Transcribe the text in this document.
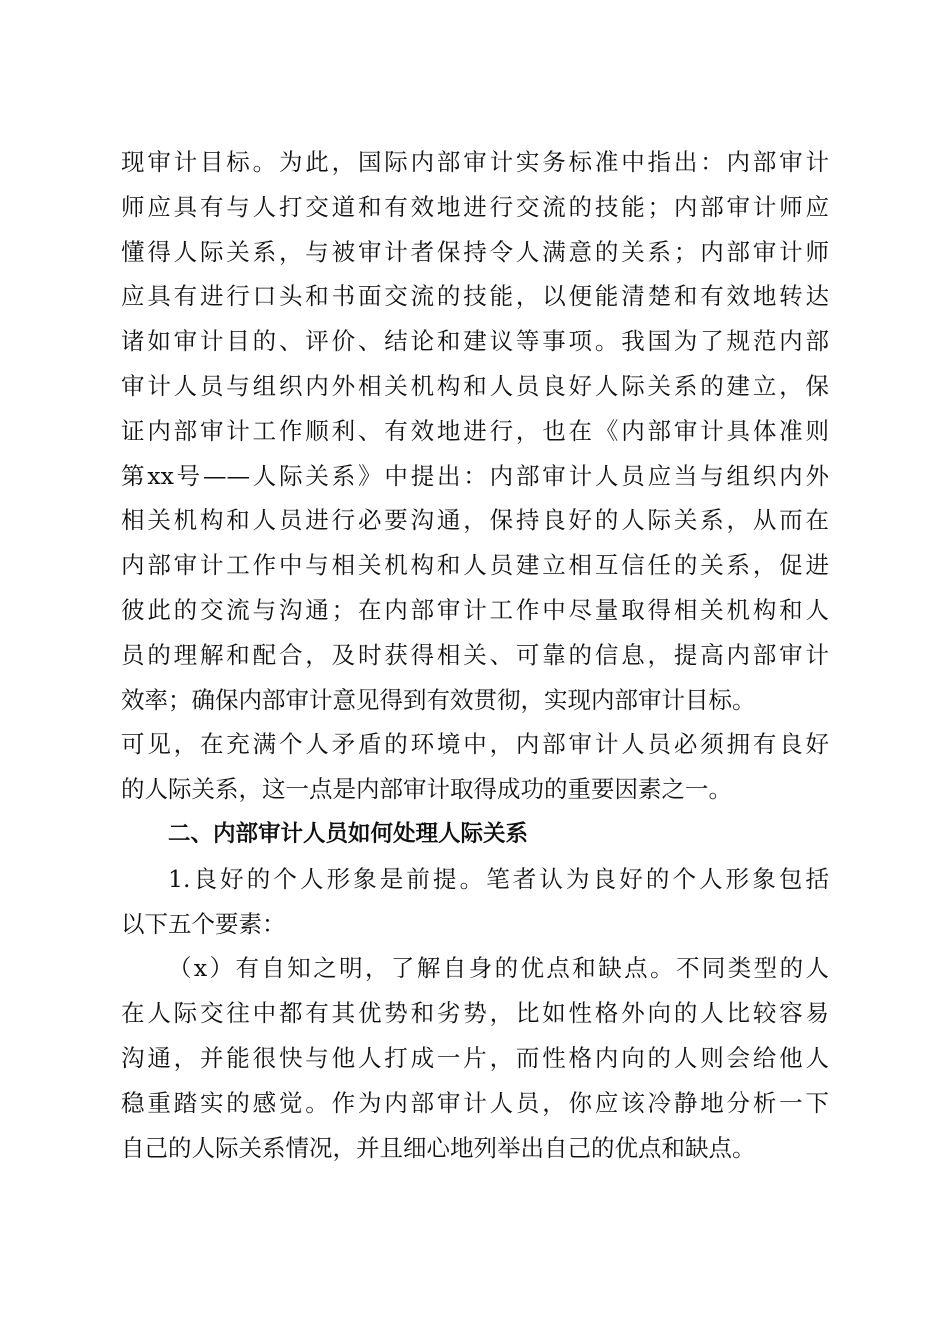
现审计目标。为此，国际内部审计实务标准中指出：内部审计
师应具有与人打交道和有效地进行交流的技能；内部审计师应
懂得人际关系，与被审计者保持令人满意的关系；内部审计师
应具有进行口头和书面交流的技能，以便能清楚和有效地转达
诸如审计目的、评价、结论和建议等事项。我国为了规范内部
审计人员与组织内外相关机构和人员良好人际关系的建立，保
证内部审计工作顺利、有效地进行，也在《内部审计具体准则
第xx号——人际关系》中提出：内部审计人员应当与组织内外
相关机构和人员进行必要沟通，保持良好的人际关系，从而在
内部审计工作中与相关机构和人员建立相互信任的关系，促进
彼此的交流与沟通；在内部审计工作中尽量取得相关机构和人
员的理解和配合，及时获得相关、可靠的信息，提高内部审计
效率；确保内部审计意见得到有效贯彻，实现内部审计目标。
可见，在充满个人矛盾的环境中，内部审计人员必须拥有良好
的人际关系，这一点是内部审计取得成功的重要因素之一。
二、内部审计人员如何处理人际关系
1.良好的个人形象是前提。笔者认为良好的个人形象包括
以下五个要素：
（x）有自知之明，了解自身的优点和缺点。不同类型的人
在人际交往中都有其优势和劣势，比如性格外向的人比较容易
沟通，并能很快与他人打成一片，而性格内向的人则会给他人
稳重踏实的感觉。作为内部审计人员，你应该冷静地分析一下
自己的人际关系情况，并且细心地列举出自己的优点和缺点。
